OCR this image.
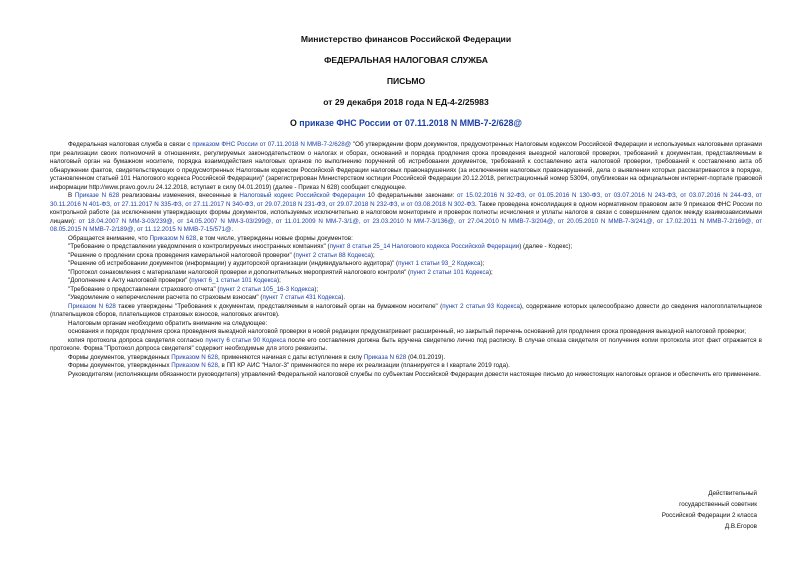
Министерство финансов Российской Федерации
ФЕДЕРАЛЬНАЯ НАЛОГОВАЯ СЛУЖБА
ПИСЬМО
от 29 декабря 2018 года N ЕД-4-2/25983
О приказе ФНС России от 07.11.2018 N ММВ-7-2/628@

Федеральная налоговая служба в связи с приказом ФНС России от 07.11.2018 N ММВ-7-2/628@ "Об утверждении форм документов, предусмотренных Налоговым кодексом Российской Федерации и используемых налоговыми органами при реализации своих полномочий в отношениях, регулируемых законодательством о налогах и сборах, оснований и порядка продления срока проведения выездной налоговой проверки, требований к документам, представляемым в налоговый орган на бумажном носителе, порядка взаимодействия налоговых органов по выполнению поручений об истребовании документов, требований к составлению акта налоговой проверки, требований к составлению акта об обнаружении фактов, свидетельствующих о предусмотренных Налоговым кодексом Российской Федерации налоговых правонарушениях (за исключением налоговых правонарушений, дела о выявлении которых рассматриваются в порядке, установленном статьей 101 Налогового кодекса Российской Федерации)" (зарегистрирован Министерством юстиции Российской Федерации 20.12.2018, регистрационный номер 53094, опубликован на официальном интернет-портале правовой информации http://www.pravo.gov.ru 24.12.2018, вступает в силу 04.01.2019) (далее - Приказ N 628) сообщает следующее.

В Приказе N 628 реализованы изменения, внесенные в Налоговый кодекс Российской Федерации 10 федеральными законами: от 15.02.2016 N 32-ФЗ, от 01.05.2016 N 130-ФЗ, от 03.07.2016 N 243-ФЗ, от 03.07.2016 N 244-ФЗ, от 30.11.2016 N 401-ФЗ, от 27.11.2017 N 335-ФЗ, от 27.11.2017 N 340-ФЗ, от 29.07.2018 N 231-ФЗ, от 29.07.2018 N 232-ФЗ, и от 03.08.2018 N 302-ФЗ. Также проведена консолидация в одном нормативном правовом акте 9 приказов ФНС России по контрольной работе (за исключением утверждающих формы документов, используемых исключительно в налоговом мониторинге и проверок полноты исчисления и уплаты налогов в связи с совершением сделок между взаимозависимыми лицами): от 18.04.2007 N ММ-3-03/239@, от 14.05.2007 N ММ-3-03/299@, от 11.01.2009 N ММ-7-3/1@, от 23.03.2010 N ММ-7-3/136@, от 27.04.2010 N ММВ-7-3/204@, от 20.05.2010 N ММВ-7-3/241@, от 17.02.2011 N ММВ-7-2/169@, от 08.05.2015 N ММВ-7-2/189@, от 11.12.2015 N ММВ-7-15/571@.

Обращается внимание, что Приказом N 628, в том числе, утверждены новые формы документов:

"Требование о представлении уведомления о контролируемых иностранных компаниях" (пункт 8 статьи 25_14 Налогового кодекса Российской Федерации) (далее - Кодекс);

"Решение о продлении срока проведения камеральной налоговой проверки" (пункт 2 статьи 88 Кодекса);

"Решение об истребовании документов (информации) у аудиторской организации (индивидуального аудитора)" (пункт 1 статьи 93_2 Кодекса);

"Протокол ознакомления с материалами налоговой проверки и дополнительных мероприятий налогового контроля" (пункт 2 статьи 101 Кодекса);

"Дополнение к Акту налоговой проверки" (пункт 6_1 статьи 101 Кодекса);

"Требование о предоставлении страхового отчета" (пункт 2 статьи 105_16-3 Кодекса);

"Уведомление о неперечислении расчета по страховым взносам" (пункт 7 статьи 431 Кодекса).

Приказом N 628 также утверждены "Требования к документам, представляемым в налоговый орган на бумажном носителе" (пункт 2 статьи 93 Кодекса), содержание которых целесообразно довести до сведения налогоплательщиков (плательщиков сборов, плательщиков страховых взносов, налоговых агентов).

Налоговым органам необходимо обратить внимание на следующее:

основания и порядок продления срока проведения выездной налоговой проверки в новой редакции предусматривает расширенный, но закрытый перечень оснований для продления срока проведения выездной налоговой проверки;

копия протокола допроса свидетеля согласно пункту 6 статьи 90 Кодекса после его составления должна быть вручена свидетелю лично под расписку. В случае отказа свидетеля от получения копии протокола этот факт отражается в протоколе. Форма "Протокол допроса свидетеля" содержит необходимые для этого реквизиты.

Формы документов, утвержденных Приказом N 628, применяются начиная с даты вступления в силу Приказа N 628 (04.01.2019).

Формы документов, утвержденных Приказом N 628, в ПП КР АИС "Налог-3" применяются по мере их реализации (планируется в I квартале 2019 года).

Руководителям (исполняющим обязанности руководителя) управлений Федеральной налоговой службы по субъектам Российской Федерации довести настоящее письмо до нижестоящих налоговых органов и обеспечить его применение.

Действительный
государственный советник
Российской Федерации 2 класса
Д.В.Егоров
